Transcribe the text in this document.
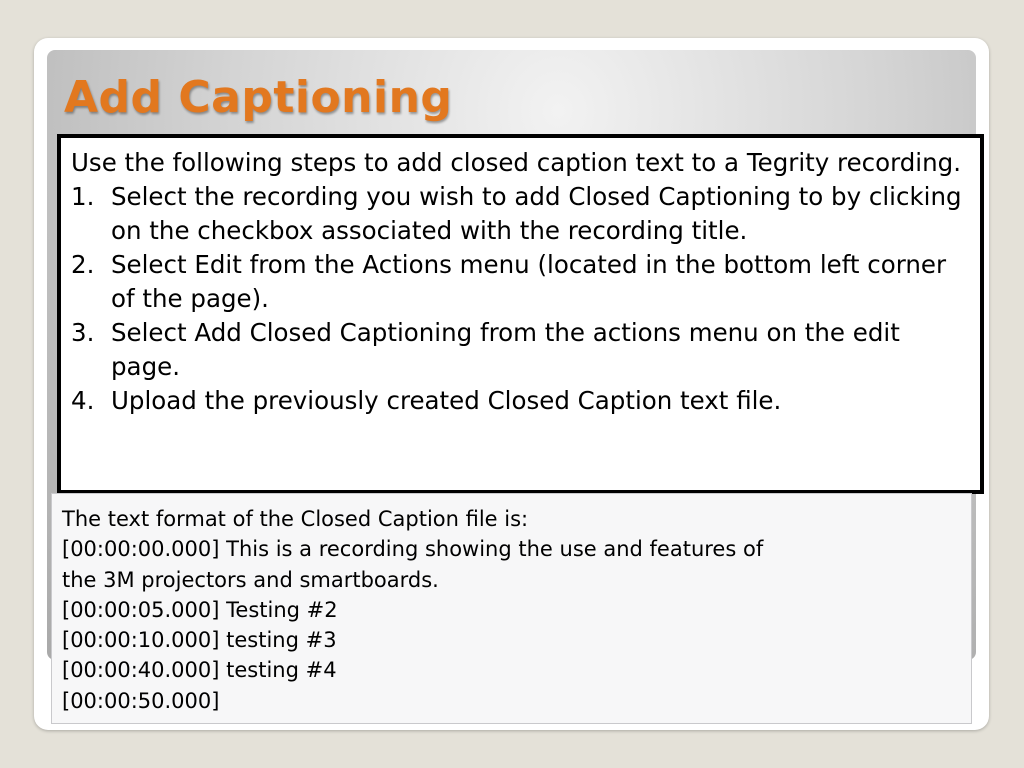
Add Captioning

Use the following steps to add closed caption text to a Tegrity recording.

1. Select the recording you wish to add Closed Captioning to by clicking on the checkbox associated with the recording title.
2. Select Edit from the Actions menu (located in the bottom left corner of the page).
3. Select Add Closed Captioning from the actions menu on the edit page.
4. Upload the previously created Closed Caption text file.

The text format of the Closed Caption file is:

[00:00:00.000] This is a recording showing the use and features of

the 3M projectors and smartboards.

[00:00:05.000] Testing #2

[00:00:10.000] testing #3

[00:00:40.000] testing #4

[00:00:50.000]
